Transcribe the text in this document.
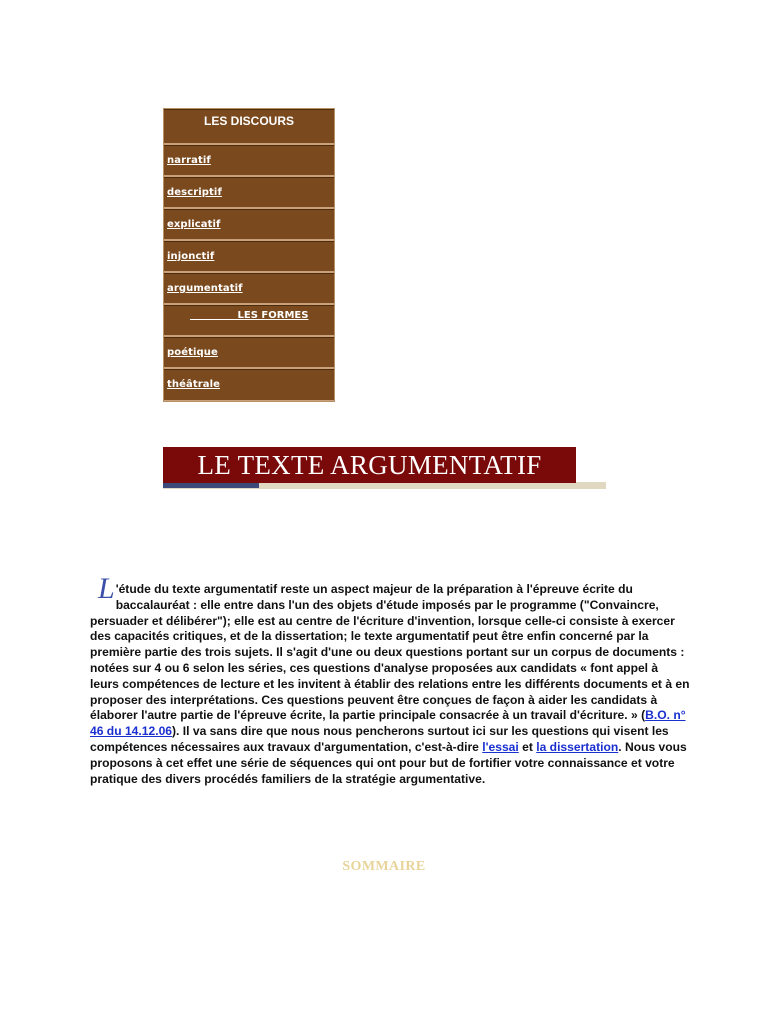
LES DISCOURS
narratif
descriptif
explicatif
injonctif
argumentatif
LES FORMES
poétique
théâtrale
LE TEXTE ARGUMENTATIF
L 'étude du texte argumentatif reste un aspect majeur de la préparation à l'épreuve écrite du baccalauréat : elle entre dans l'un des objets d'étude imposés par le programme ("Convaincre, persuader et délibérer"); elle est au centre de l'écriture d'invention, lorsque celle-ci consiste à exercer des capacités critiques, et de la dissertation; le texte argumentatif peut être enfin concerné par la première partie des trois sujets. Il s'agit d'une ou deux questions portant sur un corpus de documents : notées sur 4 ou 6 selon les séries, ces questions d'analyse proposées aux candidats « font appel à leurs compétences de lecture et les invitent à établir des relations entre les différents documents et à en proposer des interprétations. Ces questions peuvent être conçues de façon à aider les candidats à élaborer l'autre partie de l'épreuve écrite, la partie principale consacrée à un travail d'écriture. » (B.O. n° 46 du 14.12.06). Il va sans dire que nous nous pencherons surtout ici sur les questions qui visent les compétences nécessaires aux travaux d'argumentation, c'est-à-dire l'essai et la dissertation. Nous vous proposons à cet effet une série de séquences qui ont pour but de fortifier votre connaissance et votre pratique des divers procédés familiers de la stratégie argumentative.
SOMMAIRE
